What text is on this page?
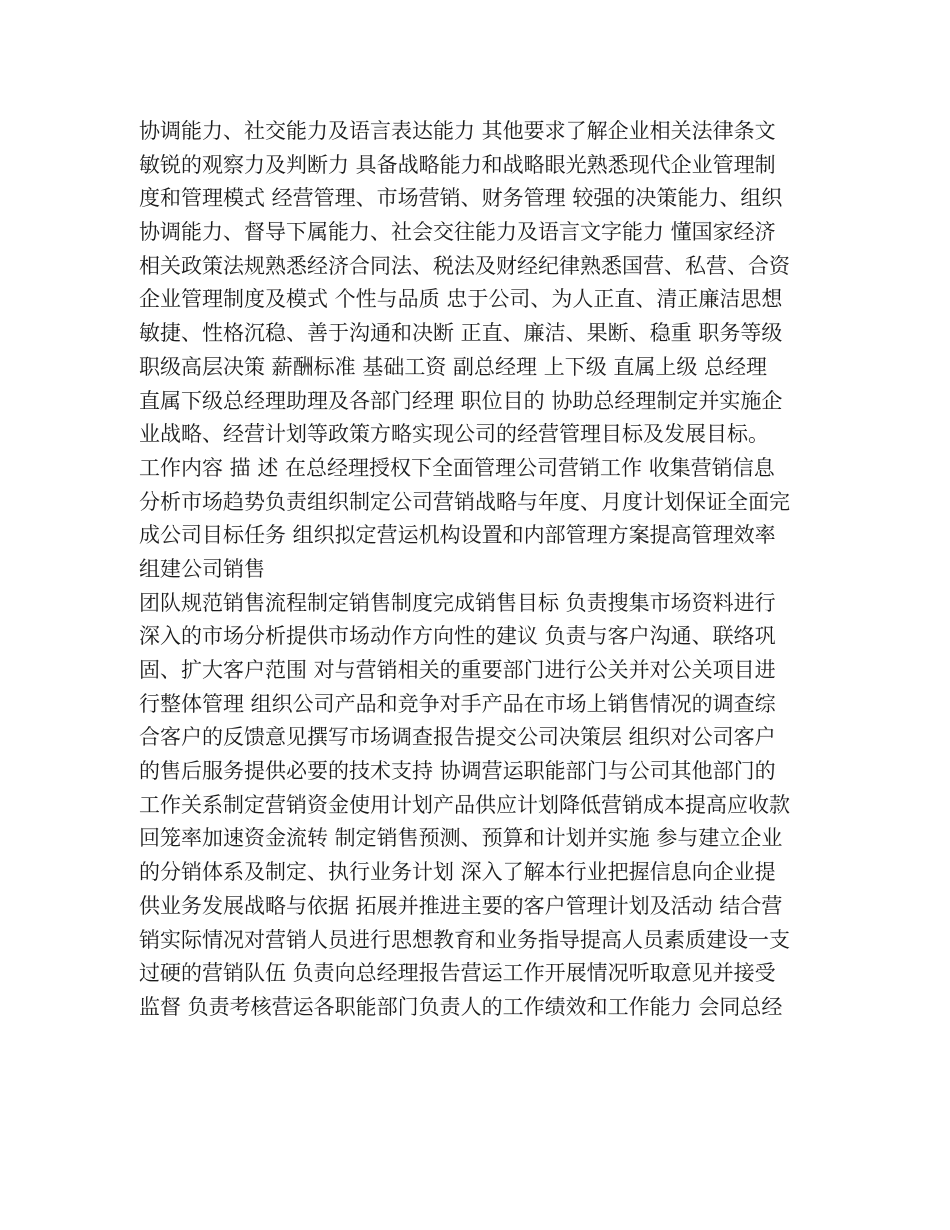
协调能力、社交能力及语言表达能力 其他要求了解企业相关法律条文
敏锐的观察力及判断力 具备战略能力和战略眼光熟悉现代企业管理制
度和管理模式 经营管理、市场营销、财务管理 较强的决策能力、组织
协调能力、督导下属能力、社会交往能力及语言文字能力 懂国家经济
相关政策法规熟悉经济合同法、税法及财经纪律熟悉国营、私营、合资
企业管理制度及模式 个性与品质 忠于公司、为人正直、清正廉洁思想
敏捷、性格沉稳、善于沟通和决断 正直、廉洁、果断、稳重 职务等级
职级高层决策 薪酬标准 基础工资 副总经理 上下级 直属上级 总经理
直属下级总经理助理及各部门经理 职位目的 协助总经理制定并实施企
业战略、经营计划等政策方略实现公司的经营管理目标及发展目标。
工作内容 描 述 在总经理授权下全面管理公司营销工作 收集营销信息
分析市场趋势负责组织制定公司营销战略与年度、月度计划保证全面完
成公司目标任务 组织拟定营运机构设置和内部管理方案提高管理效率
组建公司销售
团队规范销售流程制定销售制度完成销售目标 负责搜集市场资料进行
深入的市场分析提供市场动作方向性的建议 负责与客户沟通、联络巩
固、扩大客户范围 对与营销相关的重要部门进行公关并对公关项目进
行整体管理 组织公司产品和竞争对手产品在市场上销售情况的调查综
合客户的反馈意见撰写市场调查报告提交公司决策层 组织对公司客户
的售后服务提供必要的技术支持 协调营运职能部门与公司其他部门的
工作关系制定营销资金使用计划产品供应计划降低营销成本提高应收款
回笼率加速资金流转 制定销售预测、预算和计划并实施 参与建立企业
的分销体系及制定、执行业务计划 深入了解本行业把握信息向企业提
供业务发展战略与依据 拓展并推进主要的客户管理计划及活动 结合营
销实际情况对营销人员进行思想教育和业务指导提高人员素质建设一支
过硬的营销队伍 负责向总经理报告营运工作开展情况听取意见并接受
监督 负责考核营运各职能部门负责人的工作绩效和工作能力 会同总经
